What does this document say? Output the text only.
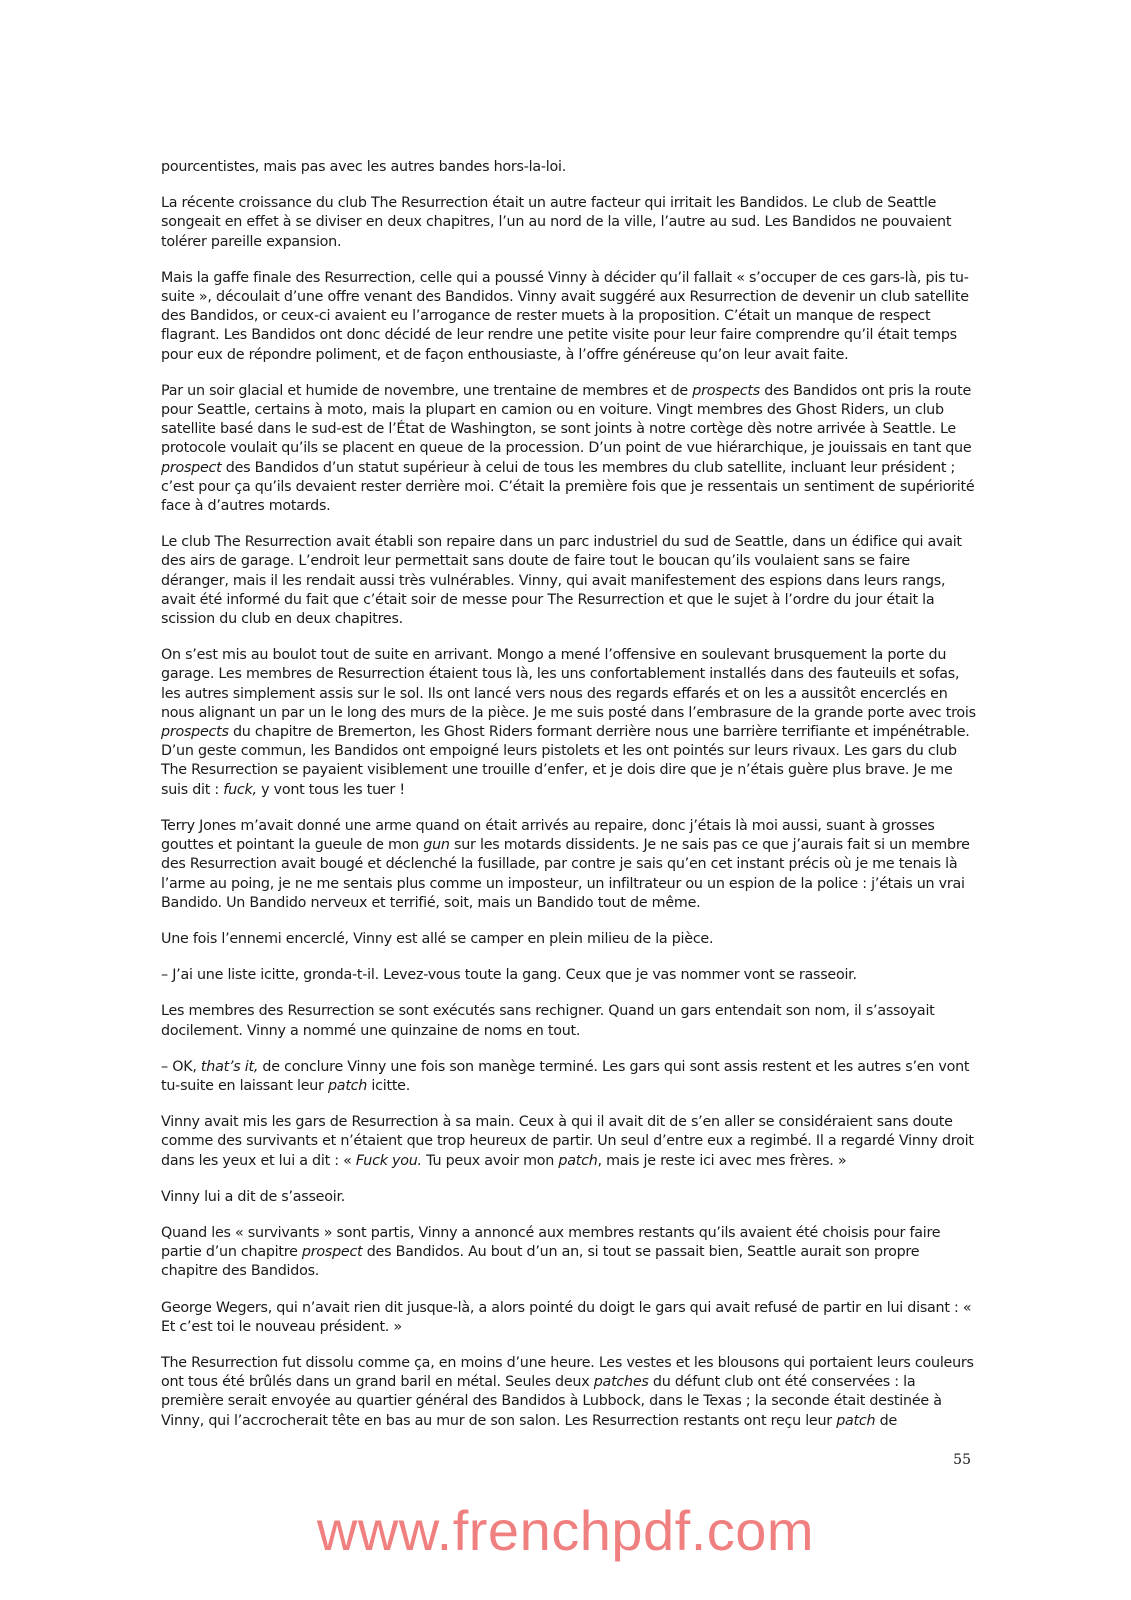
pourcentistes, mais pas avec les autres bandes hors-la-loi.

La récente croissance du club The Resurrection était un autre facteur qui irritait les Bandidos. Le club de Seattle songeait en effet à se diviser en deux chapitres, l’un au nord de la ville, l’autre au sud. Les Bandidos ne pouvaient tolérer pareille expansion.

Mais la gaffe finale des Resurrection, celle qui a poussé Vinny à décider qu’il fallait « s’occuper de ces gars-là, pis tu-suite », découlait d’une offre venant des Bandidos. Vinny avait suggéré aux Resurrection de devenir un club satellite des Bandidos, or ceux-ci avaient eu l’arrogance de rester muets à la proposition. C’était un manque de respect flagrant. Les Bandidos ont donc décidé de leur rendre une petite visite pour leur faire comprendre qu’il était temps pour eux de répondre poliment, et de façon enthousiaste, à l’offre généreuse qu’on leur avait faite.

Par un soir glacial et humide de novembre, une trentaine de membres et de prospects des Bandidos ont pris la route pour Seattle, certains à moto, mais la plupart en camion ou en voiture. Vingt membres des Ghost Riders, un club satellite basé dans le sud-est de l’État de Washington, se sont joints à notre cortège dès notre arrivée à Seattle. Le protocole voulait qu’ils se placent en queue de la procession. D’un point de vue hiérarchique, je jouissais en tant que prospect des Bandidos d’un statut supérieur à celui de tous les membres du club satellite, incluant leur président ; c’est pour ça qu’ils devaient rester derrière moi. C’était la première fois que je ressentais un sentiment de supériorité face à d’autres motards.

Le club The Resurrection avait établi son repaire dans un parc industriel du sud de Seattle, dans un édifice qui avait des airs de garage. L’endroit leur permettait sans doute de faire tout le boucan qu’ils voulaient sans se faire déranger, mais il les rendait aussi très vulnérables. Vinny, qui avait manifestement des espions dans leurs rangs, avait été informé du fait que c’était soir de messe pour The Resurrection et que le sujet à l’ordre du jour était la scission du club en deux chapitres.

On s’est mis au boulot tout de suite en arrivant. Mongo a mené l’offensive en soulevant brusquement la porte du garage. Les membres de Resurrection étaient tous là, les uns confortablement installés dans des fauteuils et sofas, les autres simplement assis sur le sol. Ils ont lancé vers nous des regards effarés et on les a aussitôt encerclés en nous alignant un par un le long des murs de la pièce. Je me suis posté dans l’embrasure de la grande porte avec trois prospects du chapitre de Bremerton, les Ghost Riders formant derrière nous une barrière terrifiante et impénétrable. D’un geste commun, les Bandidos ont empoigné leurs pistolets et les ont pointés sur leurs rivaux. Les gars du club The Resurrection se payaient visiblement une trouille d’enfer, et je dois dire que je n’étais guère plus brave. Je me suis dit : fuck, y vont tous les tuer !

Terry Jones m’avait donné une arme quand on était arrivés au repaire, donc j’étais là moi aussi, suant à grosses gouttes et pointant la gueule de mon gun sur les motards dissidents. Je ne sais pas ce que j’aurais fait si un membre des Resurrection avait bougé et déclenché la fusillade, par contre je sais qu’en cet instant précis où je me tenais là l’arme au poing, je ne me sentais plus comme un imposteur, un infiltrateur ou un espion de la police : j’étais un vrai Bandido. Un Bandido nerveux et terrifié, soit, mais un Bandido tout de même.

Une fois l’ennemi encerclé, Vinny est allé se camper en plein milieu de la pièce.

– J’ai une liste icitte, gronda-t-il. Levez-vous toute la gang. Ceux que je vas nommer vont se rasseoir.

Les membres des Resurrection se sont exécutés sans rechigner. Quand un gars entendait son nom, il s’assoyait docilement. Vinny a nommé une quinzaine de noms en tout.

– OK, that’s it, de conclure Vinny une fois son manège terminé. Les gars qui sont assis restent et les autres s’en vont tu-suite en laissant leur patch icitte.

Vinny avait mis les gars de Resurrection à sa main. Ceux à qui il avait dit de s’en aller se considéraient sans doute comme des survivants et n’étaient que trop heureux de partir. Un seul d’entre eux a regimbé. Il a regardé Vinny droit dans les yeux et lui a dit : « Fuck you. Tu peux avoir mon patch, mais je reste ici avec mes frères. »

Vinny lui a dit de s’asseoir.

Quand les « survivants » sont partis, Vinny a annoncé aux membres restants qu’ils avaient été choisis pour faire partie d’un chapitre prospect des Bandidos. Au bout d’un an, si tout se passait bien, Seattle aurait son propre chapitre des Bandidos.

George Wegers, qui n’avait rien dit jusque-là, a alors pointé du doigt le gars qui avait refusé de partir en lui disant : « Et c’est toi le nouveau président. »

The Resurrection fut dissolu comme ça, en moins d’une heure. Les vestes et les blousons qui portaient leurs couleurs ont tous été brûlés dans un grand baril en métal. Seules deux patches du défunt club ont été conservées : la première serait envoyée au quartier général des Bandidos à Lubbock, dans le Texas ; la seconde était destinée à Vinny, qui l’accrocherait tête en bas au mur de son salon. Les Resurrection restants ont reçu leur patch de

55
www.frenchpdf.com
